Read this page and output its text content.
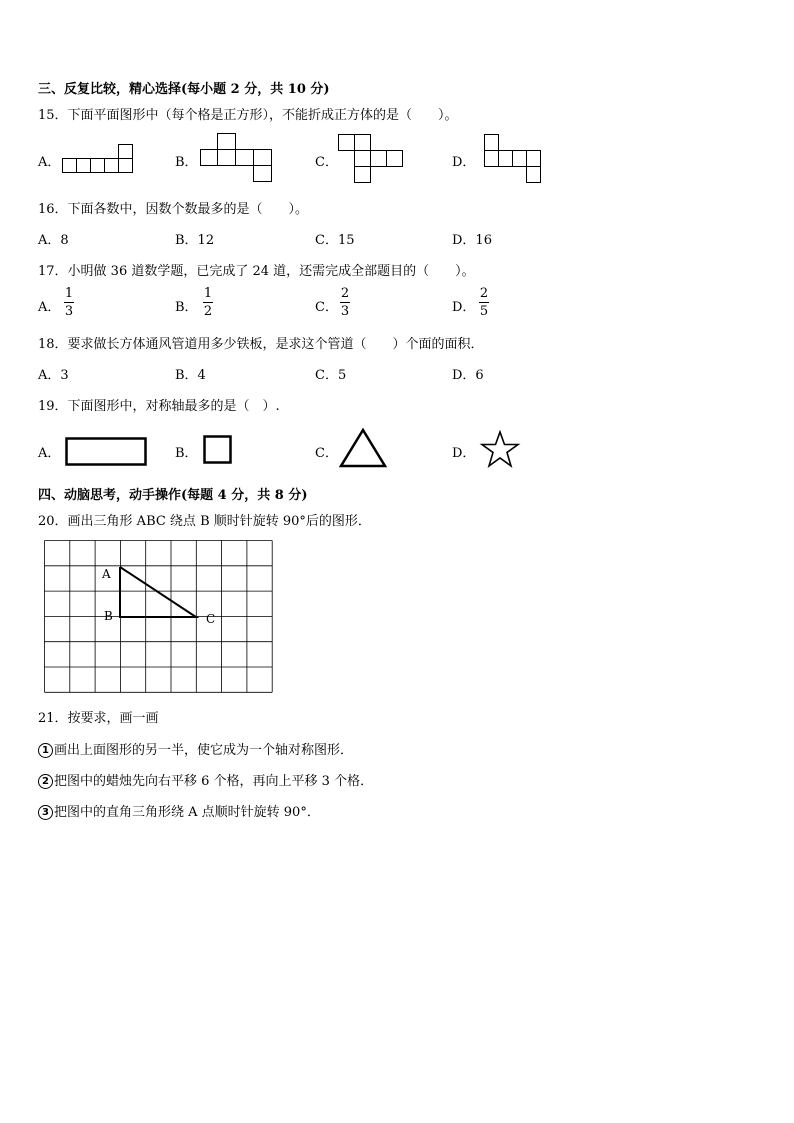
三、反复比较，精心选择(每小题 2 分，共 10 分)
15．下面平面图形中（每个格是正方形），不能折成正方体的是（　　）。
A．	B．	C．	D．
16．下面各数中，因数个数最多的是（　　）。
A．8	B．12	C．15	D．16
17．小明做 36 道数学题，已完成了 24 道，还需完成全部题目的（　　）。
A．
1
3	B．
1
2	C．
2
3	D．
2
5
18．要求做长方体通风管道用多少铁板，是求这个管道（　　）个面的面积．
A．3	B．4	C．5	D．6
19．下面图形中，对称轴最多的是（　）.
A．	B．	C．	D．
四、动脑思考，动手操作(每题 4 分，共 8 分)
20．画出三角形 ABC 绕点 B 顺时针旋转 90°后的图形．
A
B	C
21．按要求，画一画
1 画出上面图形的另一半，使它成为一个轴对称图形．
2 把图中的蜡烛先向右平移 6 个格，再向上平移 3 个格．
3 把图中的直角三角形绕 A 点顺时针旋转 90°．
